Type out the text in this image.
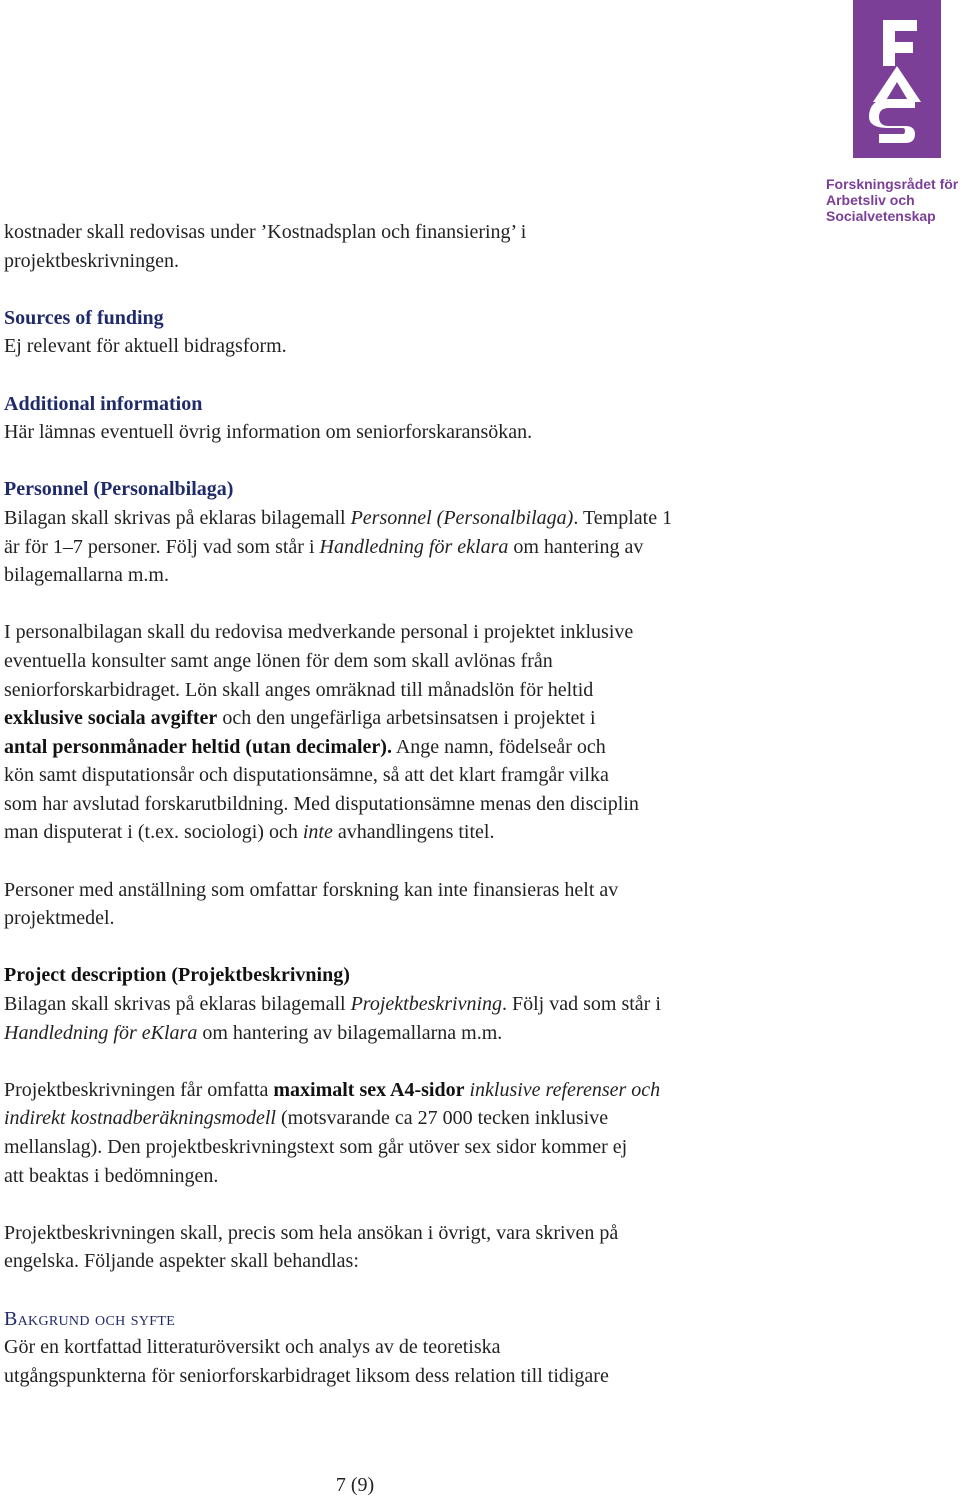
Forskningsrådet för
Arbetsliv och
Socialvetenskap

kostnader skall redovisas under ’Kostnadsplan och finansiering’ i

projektbeskrivningen.

Sources of funding

Ej relevant för aktuell bidragsform.

Additional information

Här lämnas eventuell övrig information om seniorforskaransökan.

Personnel (Personalbilaga)

Bilagan skall skrivas på eklaras bilagemall Personnel (Personalbilaga). Template 1

är för 1–7 personer. Följ vad som står i Handledning för eklara om hantering av

bilagemallarna m.m.

I personalbilagan skall du redovisa medverkande personal i projektet inklusive

eventuella konsulter samt ange lönen för dem som skall avlönas från

seniorforskarbidraget. Lön skall anges omräknad till månadslön för heltid

exklusive sociala avgifter och den ungefärliga arbetsinsatsen i projektet i

antal personmånader heltid (utan decimaler). Ange namn, födelseår och

kön samt disputationsår och disputationsämne, så att det klart framgår vilka

som har avslutad forskarutbildning. Med disputationsämne menas den disciplin

man disputerat i (t.ex. sociologi) och inte avhandlingens titel.

Personer med anställning som omfattar forskning kan inte finansieras helt av

projektmedel.

Project description (Projektbeskrivning)

Bilagan skall skrivas på eklaras bilagemall Projektbeskrivning. Följ vad som står i

Handledning för eKlara om hantering av bilagemallarna m.m.

Projektbeskrivningen får omfatta maximalt sex A4-sidor inklusive referenser och

indirekt kostnadberäkningsmodell (motsvarande ca 27 000 tecken inklusive

mellanslag). Den projektbeskrivningstext som går utöver sex sidor kommer ej

att beaktas i bedömningen.

Projektbeskrivningen skall, precis som hela ansökan i övrigt, vara skriven på

engelska. Följande aspekter skall behandlas:

Bakgrund och syfte

Gör en kortfattad litteraturöversikt och analys av de teoretiska

utgångspunkterna för seniorforskarbidraget liksom dess relation till tidigare

7 (9)
